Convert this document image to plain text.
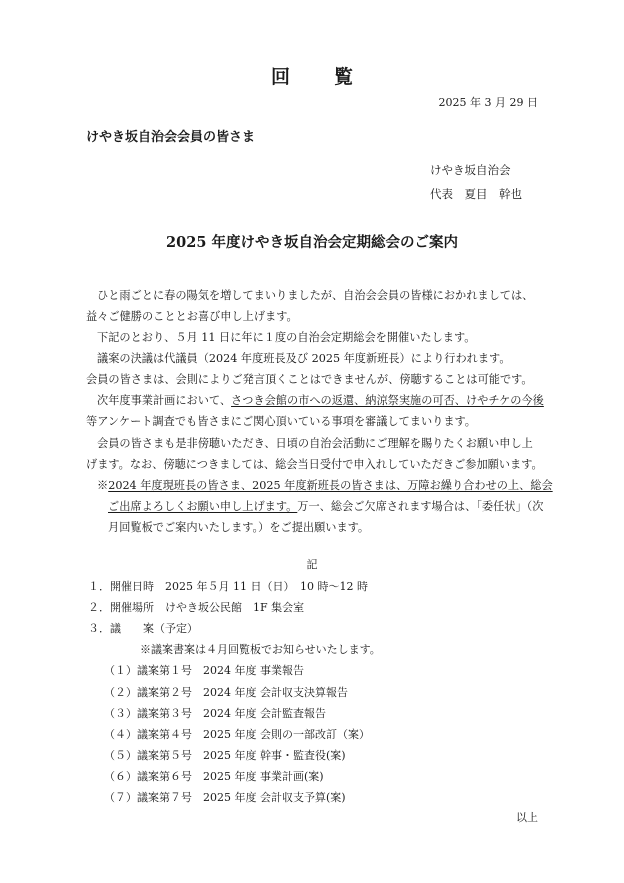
回覧
2025 年 3 月 29 日
けやき坂自治会会員の皆さま
けやき坂自治会
代表　夏目　幹也
2025 年度けやき坂自治会定期総会のご案内
ひと雨ごとに春の陽気を増してまいりましたが、自治会会員の皆様におかれましては、
益々ご健勝のこととお喜び申し上げます。
下記のとおり、５月 11 日に年に１度の自治会定期総会を開催いたします。
議案の決議は代議員（2024 年度班長及び 2025 年度新班長）により行われます。
会員の皆さまは、会則によりご発言頂くことはできませんが、傍聴することは可能です。
次年度事業計画において、さつき会館の市への返還、納涼祭実施の可否、けやチケの今後
等アンケート調査でも皆さまにご関心頂いている事項を審議してまいります。
会員の皆さまも是非傍聴いただき、日頃の自治会活動にご理解を賜りたくお願い申し上
げます。なお、傍聴につきましては、総会当日受付で申入れしていただきご参加願います。
※2024 年度現班長の皆さま、2025 年度新班長の皆さまは、万障お繰り合わせの上、総会
ご出席よろしくお願い申し上げます。万一、総会ご欠席されます場合は、「委任状」（次
月回覧板でご案内いたします。）をご提出願います。
記
１．開催日時　2025 年５月 11 日（日）　10 時〜12 時
２．開催場所　けやき坂公民館　1F 集会室
３．議　　案（予定）
※議案書案は４月回覧板でお知らせいたします。
（１）議案第１号　2024 年度 事業報告
（２）議案第２号　2024 年度 会計収支決算報告
（３）議案第３号　2024 年度 会計監査報告
（４）議案第４号　2025 年度 会則の一部改訂（案）
（５）議案第５号　2025 年度 幹事・監査役(案)
（６）議案第６号　2025 年度 事業計画(案)
（７）議案第７号　2025 年度 会計収支予算(案)
以上
